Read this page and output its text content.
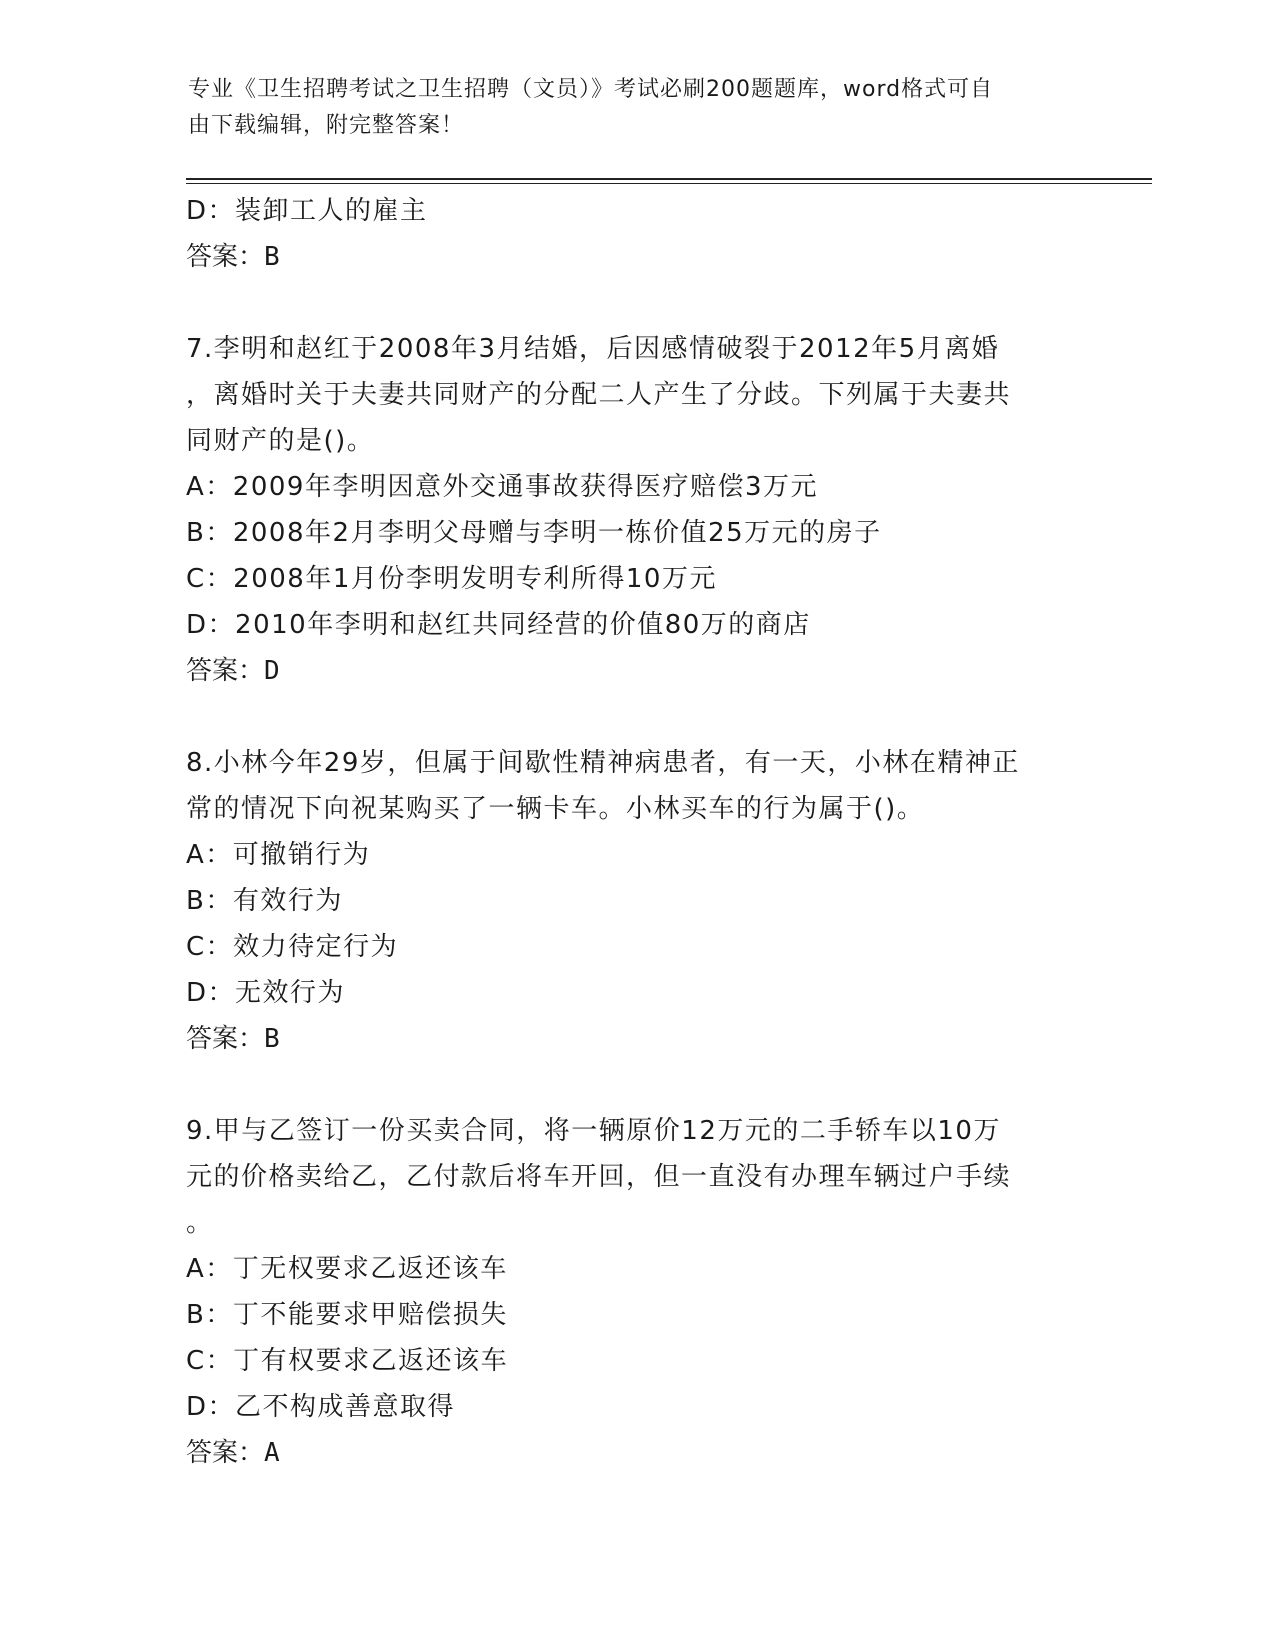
专业《卫生招聘考试之卫生招聘（文员）》考试必刷200题题库，word格式可自
由下载编辑，附完整答案！
D：装卸工人的雇主
答案：B
7.李明和赵红于2008年3月结婚，后因感情破裂于2012年5月离婚
，离婚时关于夫妻共同财产的分配二人产生了分歧。下列属于夫妻共
同财产的是()。
A：2009年李明因意外交通事故获得医疗赔偿3万元
B：2008年2月李明父母赠与李明一栋价值25万元的房子
C：2008年1月份李明发明专利所得10万元
D：2010年李明和赵红共同经营的价值80万的商店
答案：D
8.小林今年29岁，但属于间歇性精神病患者，有一天，小林在精神正
常的情况下向祝某购买了一辆卡车。小林买车的行为属于()。
A：可撤销行为
B：有效行为
C：效力待定行为
D：无效行为
答案：B
9.甲与乙签订一份买卖合同，将一辆原价12万元的二手轿车以10万
元的价格卖给乙，乙付款后将车开回，但一直没有办理车辆过户手续
。
A：丁无权要求乙返还该车
B：丁不能要求甲赔偿损失
C：丁有权要求乙返还该车
D：乙不构成善意取得
答案：A
